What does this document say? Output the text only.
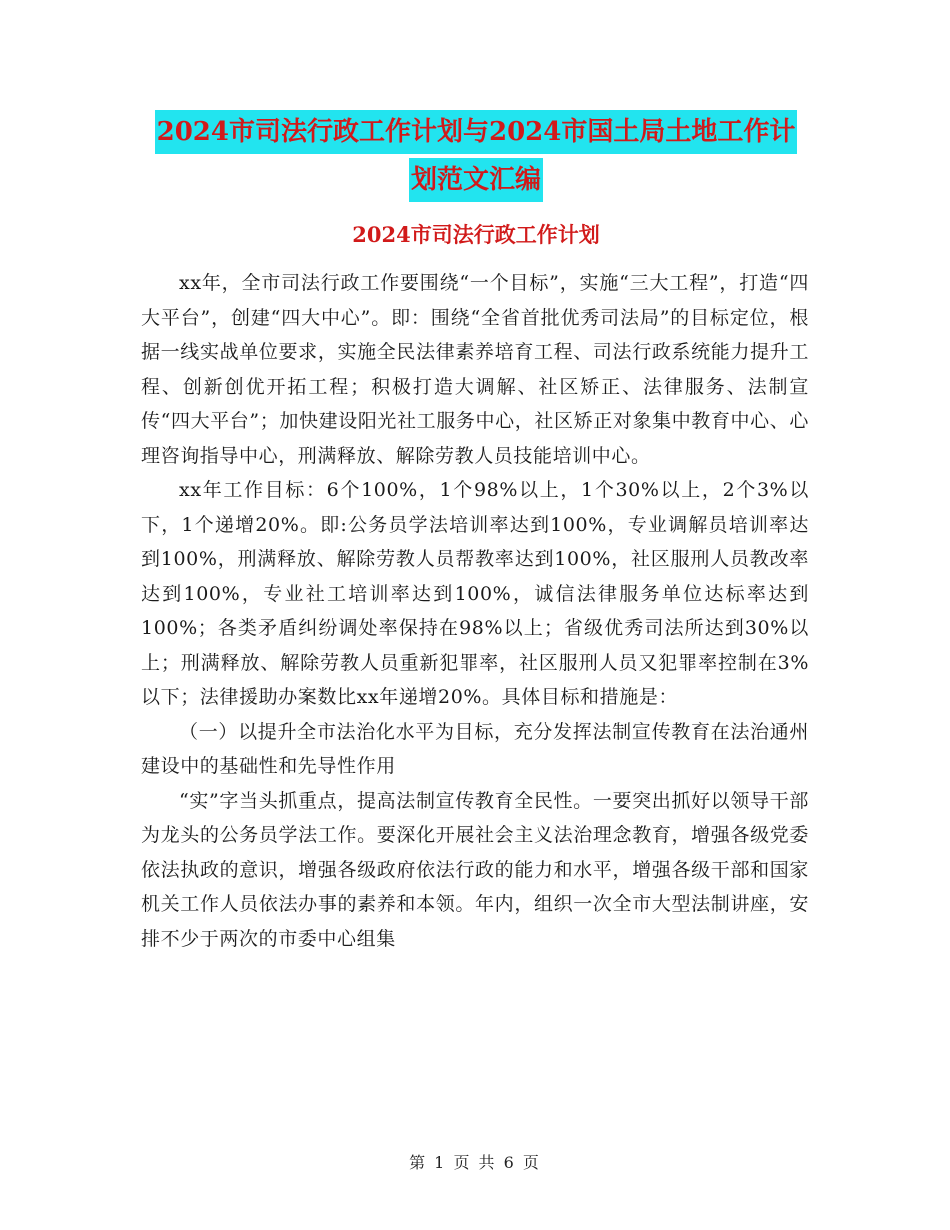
2024市司法行政工作计划与2024市国土局土地工作计
划范文汇编
2024市司法行政工作计划

xx年，全市司法行政工作要围绕“一个目标”，实施“三大工程”，打造“四大平台”，创建“四大中心”。即：围绕“全省首批优秀司法局”的目标定位，根据一线实战单位要求，实施全民法律素养培育工程、司法行政系统能力提升工程、创新创优开拓工程；积极打造大调解、社区矫正、法律服务、法制宣传“四大平台”；加快建设阳光社工服务中心，社区矫正对象集中教育中心、心理咨询指导中心，刑满释放、解除劳教人员技能培训中心。

xx年工作目标：6个100%，1个98%以上，1个30%以上，2个3%以下，1个递增20%。即:公务员学法培训率达到100%，专业调解员培训率达到100%，刑满释放、解除劳教人员帮教率达到100%，社区服刑人员教改率达到100%，专业社工培训率达到100%，诚信法律服务单位达标率达到100%；各类矛盾纠纷调处率保持在98%以上；省级优秀司法所达到30%以上；刑满释放、解除劳教人员重新犯罪率，社区服刑人员又犯罪率控制在3%以下；法律援助办案数比xx年递增20%。具体目标和措施是：

（一）以提升全市法治化水平为目标，充分发挥法制宣传教育在法治通州建设中的基础性和先导性作用

“实”字当头抓重点，提高法制宣传教育全民性。一要突出抓好以领导干部为龙头的公务员学法工作。要深化开展社会主义法治理念教育，增强各级党委依法执政的意识，增强各级政府依法行政的能力和水平，增强各级干部和国家机关工作人员依法办事的素养和本领。年内，组织一次全市大型法制讲座，安排不少于两次的市委中心组集

第 1 页 共 6 页
